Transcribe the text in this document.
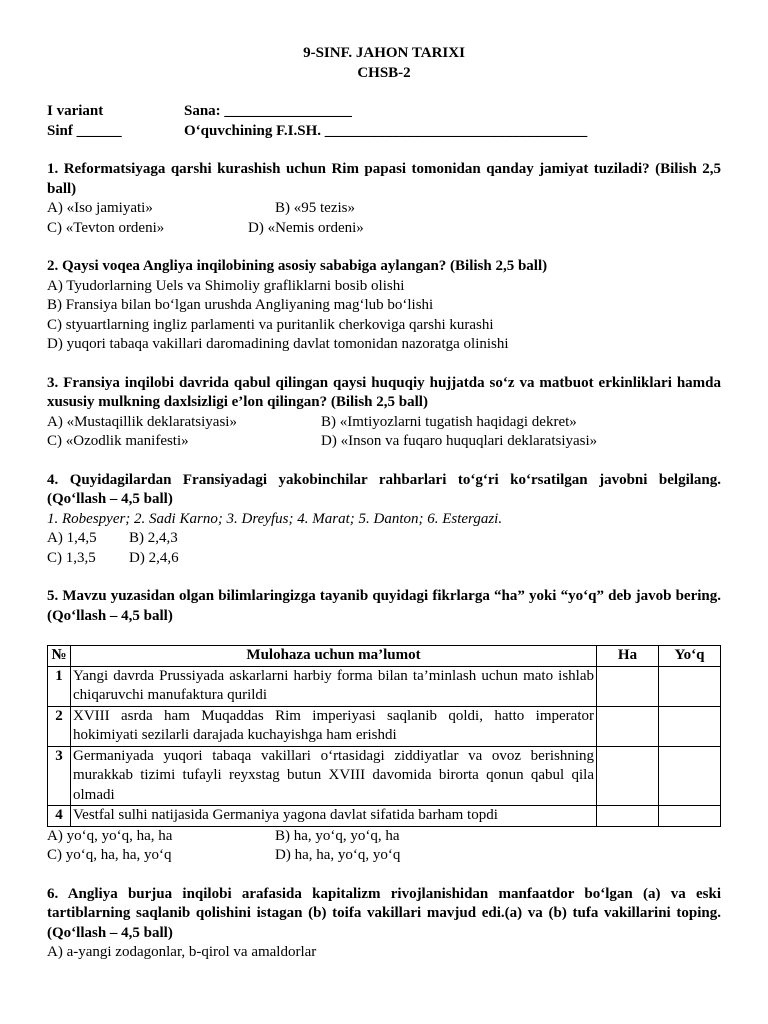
9-SINF. JAHON TARIXI
CHSB-2
I variant	Sana: _________________
Sinf ______	O‘quvchining F.I.SH. ___________________________________
1. Reformatsiyaga qarshi kurashish uchun Rim papasi tomonidan qanday jamiyat tuziladi? (Bilish 2,5 ball)
A) «Iso jamiyati»	B) «95 tezis»
C) «Tevton ordeni»	D) «Nemis ordeni»
2. Qaysi voqea Angliya inqilobining asosiy sababiga aylangan? (Bilish 2,5 ball)
A) Tyudorlarning Uels va Shimoliy grafliklarni bosib olishi
B) Fransiya bilan bo‘lgan urushda Angliyaning mag‘lub bo‘lishi
C) styuartlarning ingliz parlamenti va puritanlik cherkoviga qarshi kurashi
D) yuqori tabaqa vakillari daromadining davlat tomonidan nazoratga olinishi
3. Fransiya inqilobi davrida qabul qilingan qaysi huquqiy hujjatda so‘z va matbuot erkinliklari hamda xususiy mulkning daxlsizligi e’lon qilingan? (Bilish 2,5 ball)
A) «Mustaqillik deklaratsiyasi»	B) «Imtiyozlarni tugatish haqidagi dekret»
C) «Ozodlik manifesti»	D) «Inson va fuqaro huquqlari deklaratsiyasi»
4. Quyidagilardan Fransiyadagi yakobinchilar rahbarlari to‘g‘ri ko‘rsatilgan javobni belgilang. (Qo‘llash – 4,5 ball)
1. Robespyer; 2. Sadi Karno; 3. Dreyfus; 4. Marat; 5. Danton; 6. Estergazi.
A) 1,4,5	B) 2,4,3
C) 1,3,5	D) 2,4,6
5. Mavzu yuzasidan olgan bilimlaringizga tayanib quyidagi fikrlarga “ha” yoki “yo‘q” deb javob bering. (Qo‘llash – 4,5 ball)
№	Mulohaza uchun ma’lumot	Ha	Yo‘q
1	Yangi davrda Prussiyada askarlarni harbiy forma bilan ta’minlash uchun mato ishlab chiqaruvchi manufaktura qurildi		
2	XVIII asrda ham Muqaddas Rim imperiyasi saqlanib qoldi, hatto imperator hokimiyati sezilarli darajada kuchayishga ham erishdi		
3	Germaniyada yuqori tabaqa vakillari o‘rtasidagi ziddiyatlar va ovoz berishning murakkab tizimi tufayli reyxstag butun XVIII davomida birorta qonun qabul qila olmadi		
4	Vestfal sulhi natijasida Germaniya yagona davlat sifatida barham topdi		
A) yo‘q, yo‘q, ha, ha	B) ha, yo‘q, yo‘q, ha
C) yo‘q, ha, ha, yo‘q	D) ha, ha, yo‘q, yo‘q
6. Angliya burjua inqilobi arafasida kapitalizm rivojlanishidan manfaatdor bo‘lgan (a) va eski tartiblarning saqlanib qolishini istagan (b) toifa vakillari mavjud edi.(a) va (b) tufa vakillarini toping. (Qo‘llash – 4,5 ball)
A) a-yangi zodagonlar, b-qirol va amaldorlar
